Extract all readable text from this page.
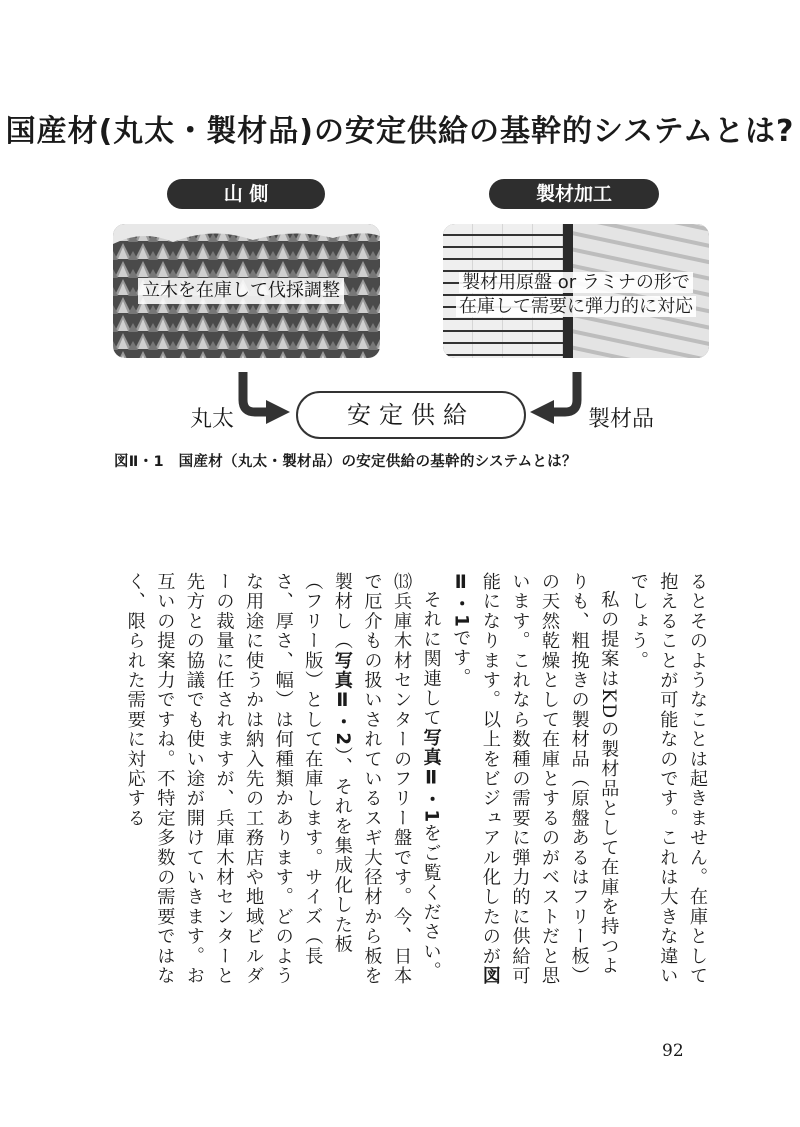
国産材(丸太・製材品)の安定供給の基幹的システムとは?
山 側	製材加工
立木を在庫して伐採調整	製材用原盤 or ラミナの形で
在庫して需要に弾力的に対応
丸太	安定供給	製材品
図Ⅱ・1　国産材（丸太・製材品）の安定供給の基幹的システムとは？

るとそのようなことは起きません。在庫として抱えることが可能なのです。これは大きな違いでしょう。

私の提案はKDの製材品として在庫を持つよりも、粗挽きの製材品（原盤あるはフリー板）の天然乾燥として在庫とするのがベストだと思います。これなら数種の需要に弾力的に供給可能になります。以上をビジュアル化したのが図Ⅱ・1です。

それに関連して写真Ⅱ・1をご覧ください。⒀兵庫木材センターのフリー盤です。今、日本で厄介もの扱いされているスギ大径材から板を製材し（写真Ⅱ・2）、それを集成化した板（フリー版）として在庫します。サイズ（長さ、厚さ、幅）は何種類かあります。どのような用途に使うかは納入先の工務店や地域ビルダーの裁量に任されますが、兵庫木材センターと先方との協議でも使い途が開けていきます。お互いの提案力ですね。不特定多数の需要ではなく、限られた需要に対応する

92
